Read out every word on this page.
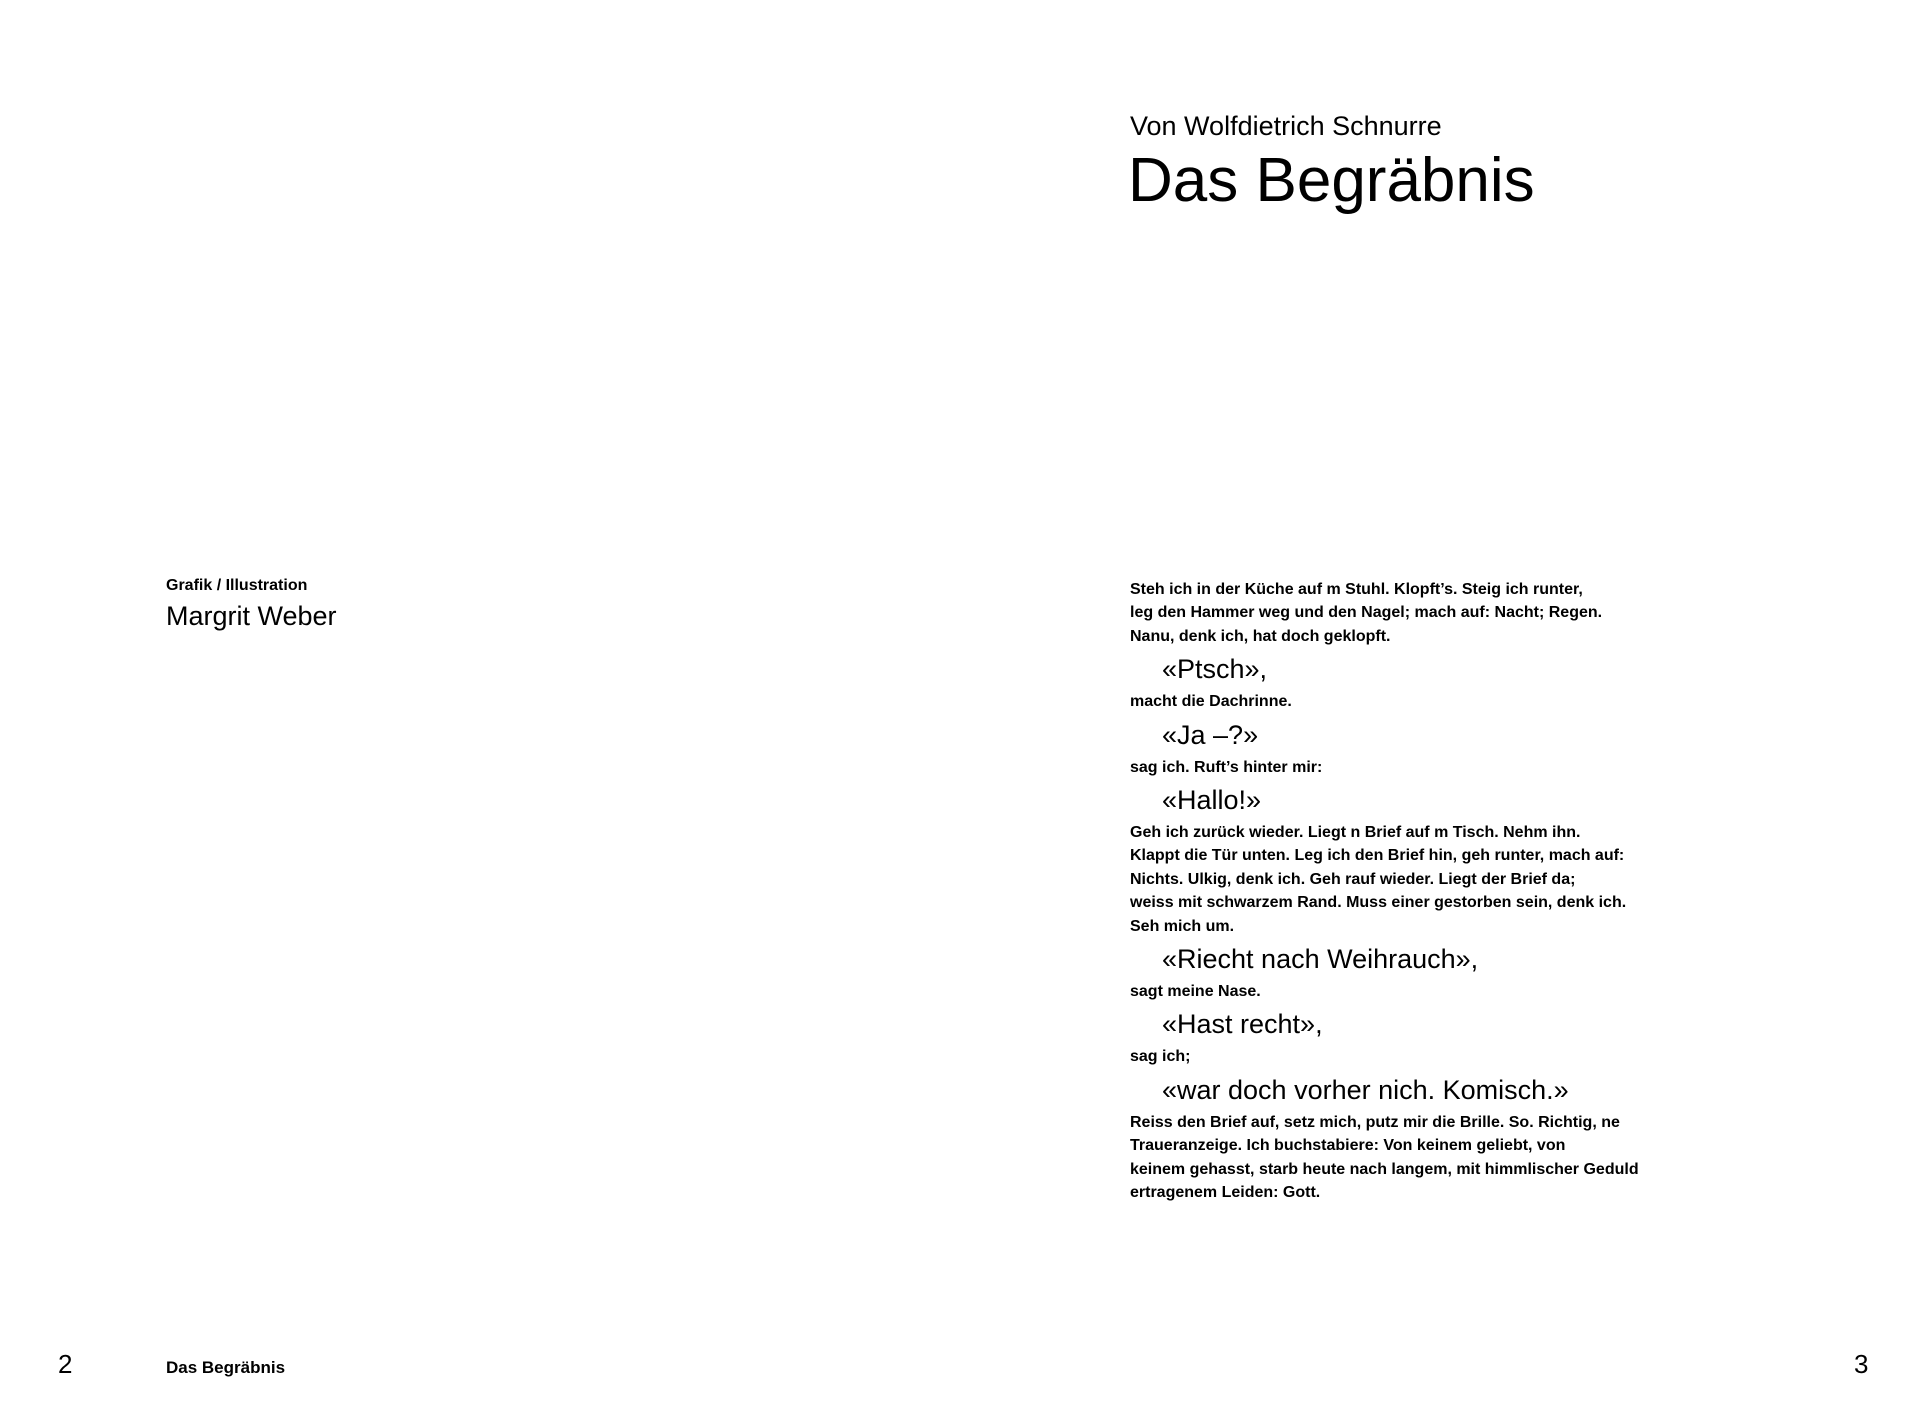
Von Wolfdietrich Schnurre
Das Begräbnis
Grafik / Illustration
Margrit Weber
Steh ich in der Küche auf m Stuhl. Klopft’s. Steig ich runter,
leg den Hammer weg und den Nagel; mach auf: Nacht; Regen.
Nanu, denk ich, hat doch geklopft.
«Ptsch»,
macht die Dachrinne.
«Ja –?»
sag ich. Ruft’s hinter mir:
«Hallo!»
Geh ich zurück wieder. Liegt n Brief auf m Tisch. Nehm ihn.
Klappt die Tür unten. Leg ich den Brief hin, geh runter, mach auf:
Nichts. Ulkig, denk ich. Geh rauf wieder. Liegt der Brief da;
weiss mit schwarzem Rand. Muss einer gestorben sein, denk ich.
Seh mich um.
«Riecht nach Weihrauch»,
sagt meine Nase.
«Hast recht»,
sag ich;
«war doch vorher nich. Komisch.»
Reiss den Brief auf, setz mich, putz mir die Brille. So. Richtig, ne
Traueranzeige. Ich buchstabiere: Von keinem geliebt, von
keinem gehasst, starb heute nach langem, mit himmlischer Geduld
ertragenem Leiden: Gott.
2	Das Begräbnis	3
